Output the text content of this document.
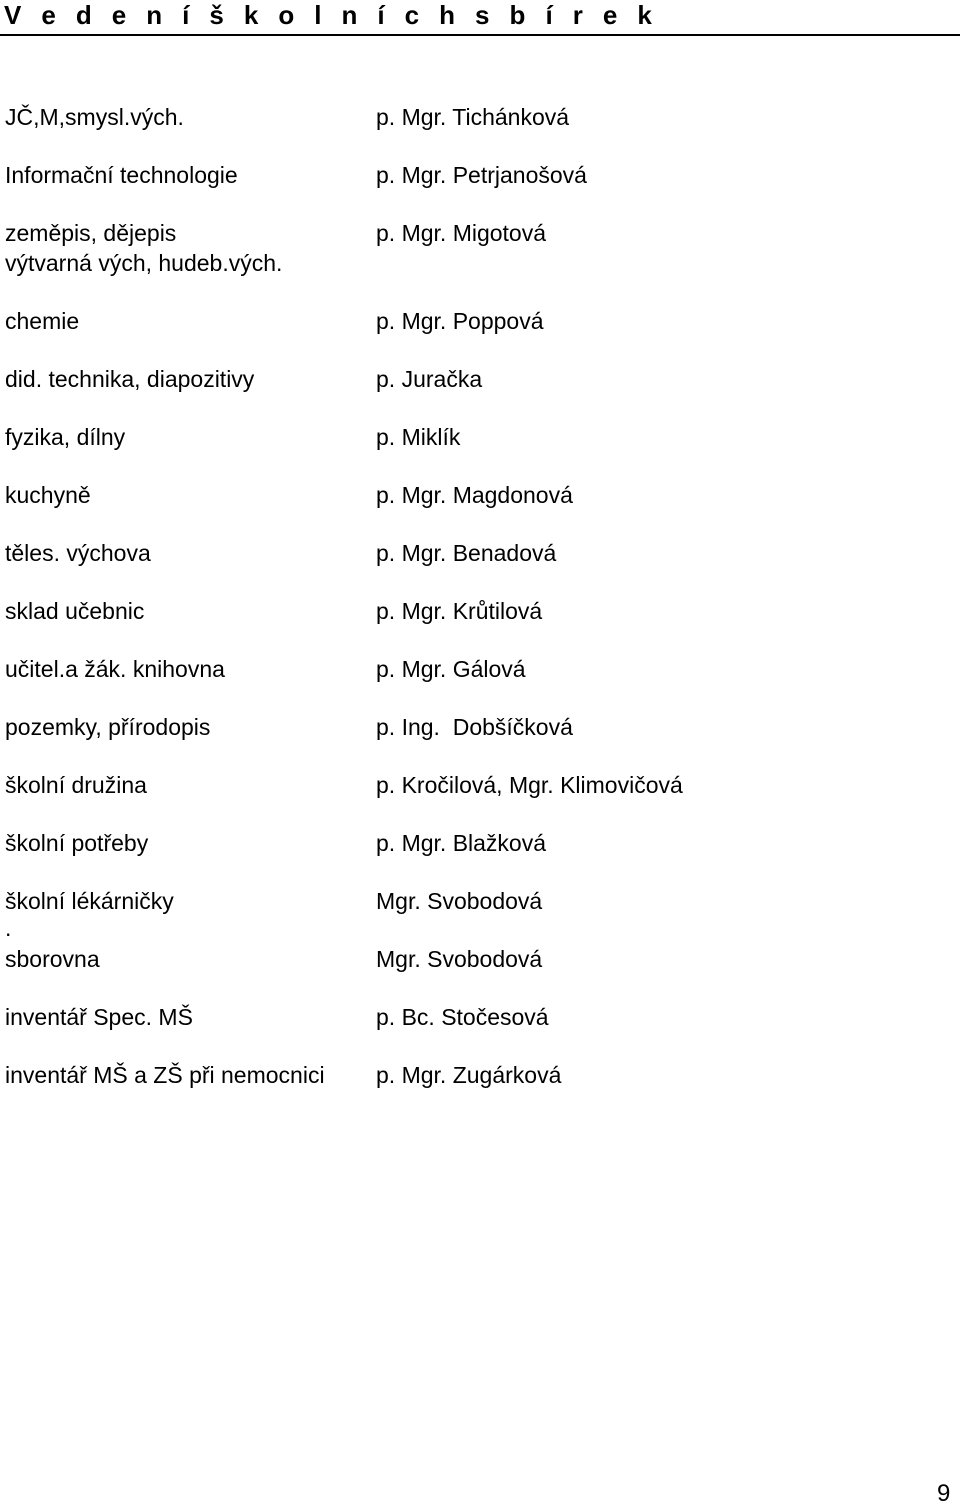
V e d e n í š k o l n í c h s b í r e k
JČ,M,smysl.vých.	p. Mgr. Tichánková
Informační technologie	p. Mgr. Petrjanošová
zeměpis, dějepis	p. Mgr. Migotová
výtvarná vých, hudeb.vých.
chemie	p. Mgr. Poppová
did. technika, diapozitivy	p. Juračka
fyzika, dílny	p. Miklík
kuchyně	p. Mgr. Magdonová
těles. výchova	p. Mgr. Benadová
sklad učebnic	p. Mgr. Krůtilová
učitel.a žák. knihovna	p. Mgr. Gálová
pozemky, přírodopis	p. Ing.  Dobšíčková
školní družina	p. Kročilová, Mgr. Klimovičová
školní potřeby	p. Mgr. Blažková
školní lékárničky	Mgr. Svobodová
.
sborovna	Mgr. Svobodová
inventář Spec. MŠ	p. Bc. Stočesová
inventář MŠ a ZŠ při nemocnici p. Mgr. Zugárková
9
